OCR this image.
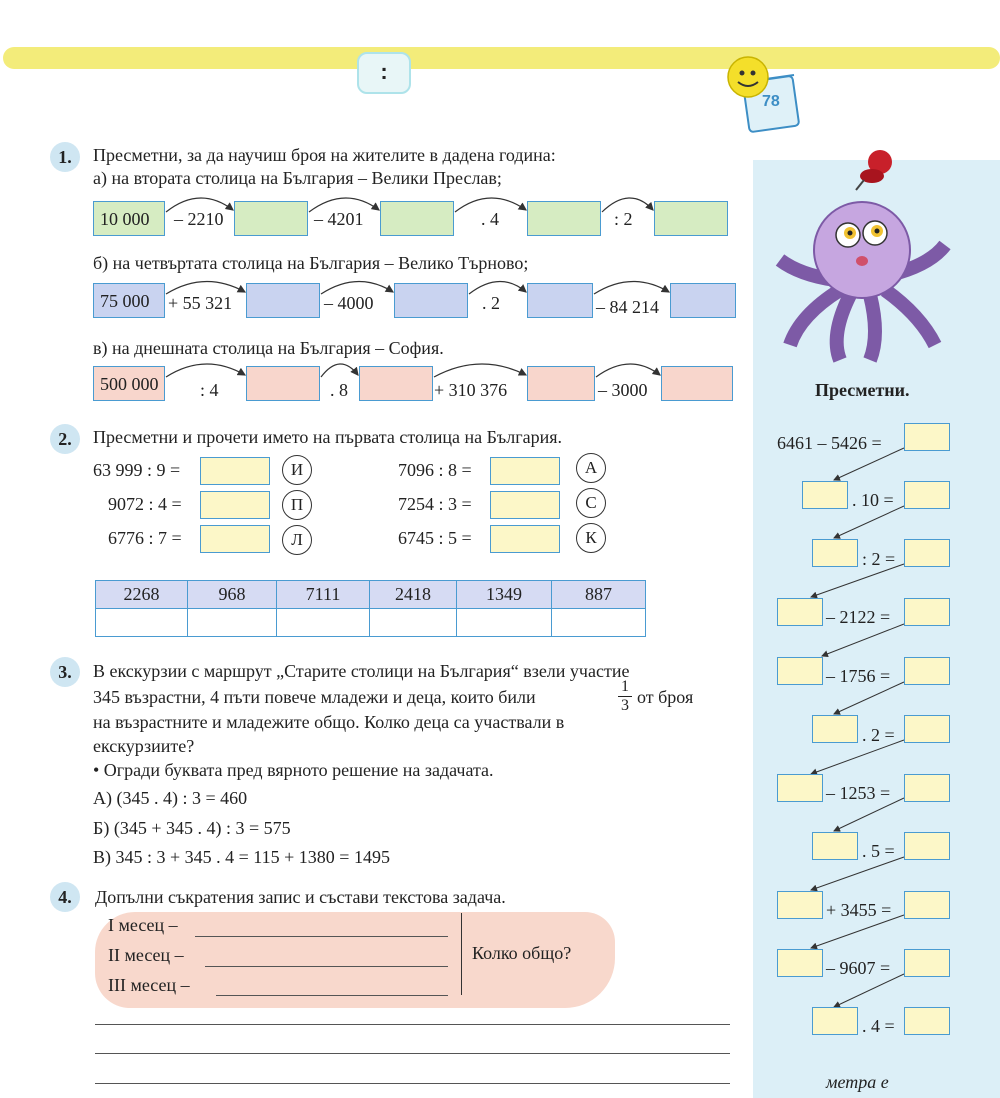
:
78
1.	Пресметни, за да научиш броя на жителите в дадена година:
а) на втората столица на България – Велики Преслав;
10 000	– 2210	– 4201	. 4	: 2
б) на четвъртата столица на България – Велико Търново;
75 000	+ 55 321	– 4000	. 2	– 84 214
в) на днешната столица на България – София.
500 000	: 4	. 8	+ 310 376	– 3000
2.	Пресметни и прочети името на първата столица на България.
63 999 : 9 =	И
9072 : 4 =	П
6776 : 7 =	Л
7096 : 8 =	А
7254 : 3 =	С
6745 : 5 =	К
2268	968	7111	2418	1349	887

3.	В екскурзии с маршрут „Старите столици на България“ взели участие
345 възрастни, 4 пъти повече младежи и деца, които били	$\frac{1}{3}$ от броя
на възрастните и младежите общо. Колко деца са участвали в
екскурзиите?
• Огради буквата пред вярното решение на задачата.
А) (345 . 4) : 3 = 460
Б) (345 + 345 . 4) : 3 = 575
В) 345 : 3 + 345 . 4 = 115 + 1380 = 1495
4.	Допълни съкратения запис и състави текстова задача.
I месец –
II месец –
III месец –
Колко общо?
Пресметни.
6461 – 5426 =
. 10 =
: 2 =
– 2122 =
– 1756 =
. 2 =
– 1253 =
. 5 =
+ 3455 =
– 9607 =
. 4 =
метра е
